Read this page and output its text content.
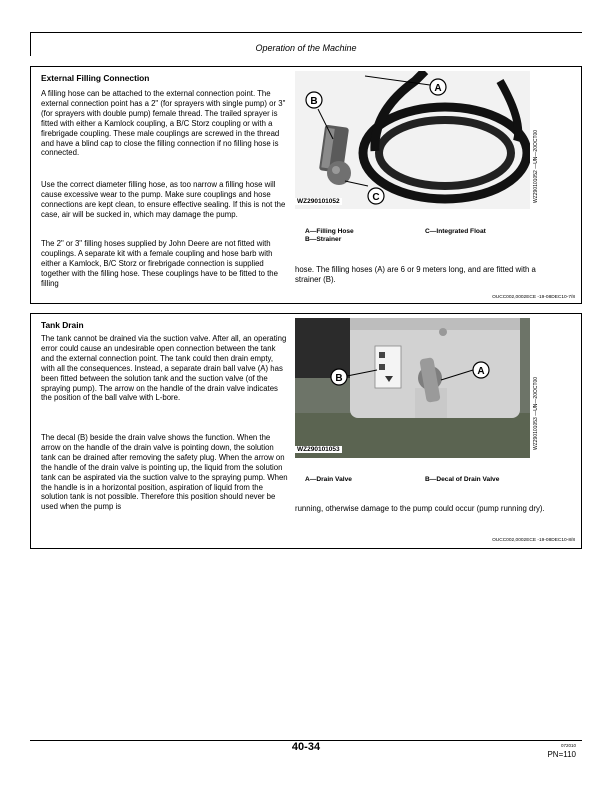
Operation of the Machine
External Filling Connection
A filling hose can be attached to the external connection point. The external connection point has a 2" (for sprayers with single pump) or 3" (for sprayers with double pump) female thread. The trailed sprayer is fitted with either a Kamlock coupling, a B/C Storz coupling or with a firebrigade coupling. These male couplings are screwed in the thread and have a blind cap to close the filling connection if no filling hose is connected.
Use the correct diameter filling hose, as too narrow a filling hose will cause excessive wear to the pump. Make sure couplings and hose connections are kept clean, to ensure effective sealing. If this is not the case, air will be sucked in, which may damage the pump.
The 2" or 3" filling hoses supplied by John Deere are not fitted with couplings. A separate kit with a female coupling and hose barb with either a Kamlock, B/C Storz or firebrigade connection is supplied together with the filling hose. These couplings have to be fitted to the filling
WZ290101052	WZ290101052 —UN—20OCT00
A
B
C
A—Filling Hose
B—Strainer
C—Integrated Float
hose. The filling hoses (A) are 6 or 9 meters long, and are fitted with a strainer (B).
OUCC002,0002ECE -19-08DEC10-7/8
Tank Drain
The tank cannot be drained via the suction valve. After all, an operating error could cause an undesirable open connection between the tank and the external connection point. The tank could then drain empty, with all the consequences. Instead, a separate drain ball valve (A) has been fitted between the solution tank and the suction valve (of the spraying pump). The arrow on the handle of the drain valve indicates the position of the ball valve with L-bore.
The decal (B) beside the drain valve shows the function. When the arrow on the handle of the drain valve is pointing down, the solution tank can be drained after removing the safety plug. When the arrow on the handle of the drain valve is pointing up, the liquid from the solution tank can be aspirated via the suction valve to the spraying pump. When the handle is in a horizontal position, aspiration of liquid from the solution tank is not possible. Therefore this position should never be used when the pump is
WZ290101053	WZ290101053 —UN—20OCT00
A
B
A—Drain Valve	B—Decal of Drain Valve
running, otherwise damage to the pump could occur (pump running dry).
OUCC002,0002ECE -19-08DEC10-8/8
40-34	072010
PN=110
